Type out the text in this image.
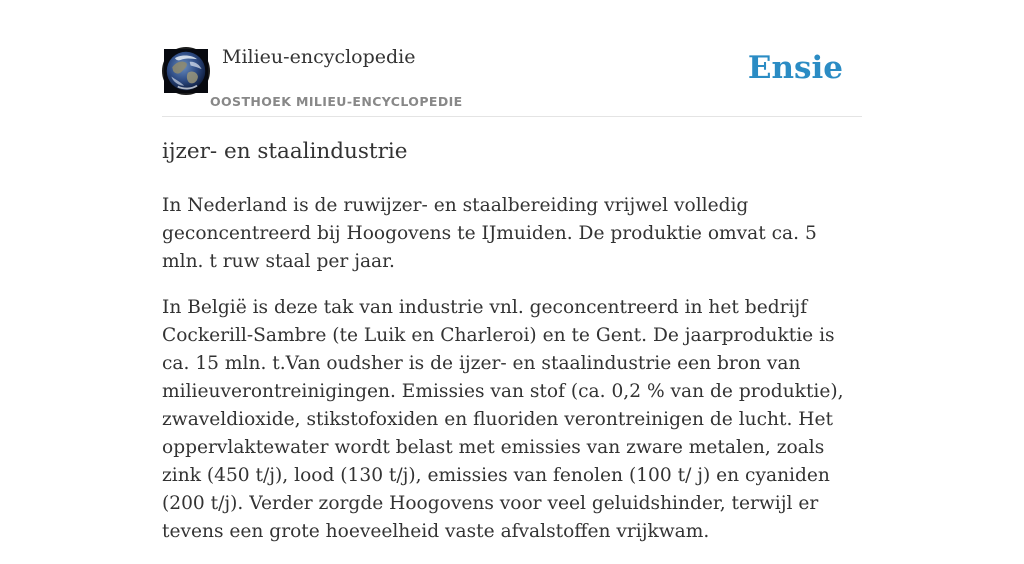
Milieu-encyclopedie
OOSTHOEK MILIEU-ENCYCLOPEDIE
Ensie
ijzer- en staalindustrie

In Nederland is de ruwijzer- en staalbereiding vrijwel volledig geconcentreerd bij Hoogovens te IJmuiden. De produktie omvat ca. 5 mln. t ruw staal per jaar.

In België is deze tak van industrie vnl. geconcentreerd in het bedrijf Cockerill-Sambre (te Luik en Charleroi) en te Gent. De jaarproduktie is ca. 15 mln. t.Van oudsher is de ijzer- en staalindustrie een bron van milieuverontreinigingen. Emissies van stof (ca. 0,2 % van de produktie), zwaveldioxide, stikstofoxiden en fluoriden verontreinigen de lucht. Het oppervlaktewater wordt belast met emissies van zware metalen, zoals zink (450 t/j), lood (130 t/j), emissies van fenolen (100 t/ j) en cyaniden (200 t/j). Verder zorgde Hoogovens voor veel geluidshinder, terwijl er tevens een grote hoeveelheid vaste afvalstoffen vrijkwam.
